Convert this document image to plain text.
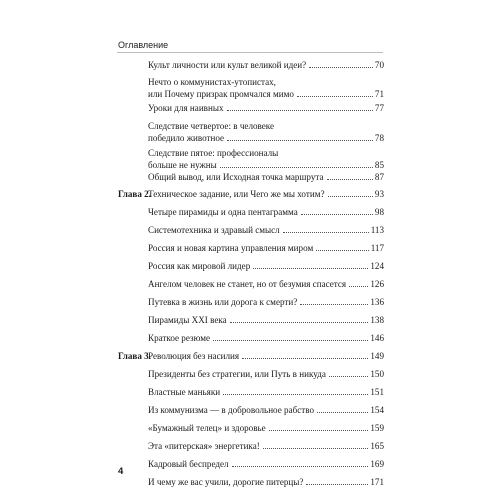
Оглавление
Культ личности или культ великой идеи?	70
Нечто о коммунистах-утопистах,
или Почему призрак промчался мимо	71
Уроки для наивных	77
Следствие четвертое: в человеке
победило животное	78
Следствие пятое: профессионалы
больше не нужны	85
Общий вывод, или Исходная точка маршрута	87
Глава 2.
Техническое задание, или Чего же мы хотим?	93
Четыре пирамиды и одна пентаграмма	98
Системотехника и здравый смысл	113
Россия и новая картина управления миром	117
Россия как мировой лидер	124
Ангелом человек не станет, но от безумия спасется	126
Путевка в жизнь или дорога к смерти?	136
Пирамиды XXI века	138
Краткое резюме	146
Глава 3.
Революция без насилия	149
Президенты без стратегии, или Путь в никуда	150
Властные маньяки	151
Из коммунизма — в добровольное рабство	154
«Бумажный телец» и здоровье	159
Эта «питерская» энергетика!	165
Кадровый беспредел	169
И чему же вас учили, дорогие питерцы?	171
4
